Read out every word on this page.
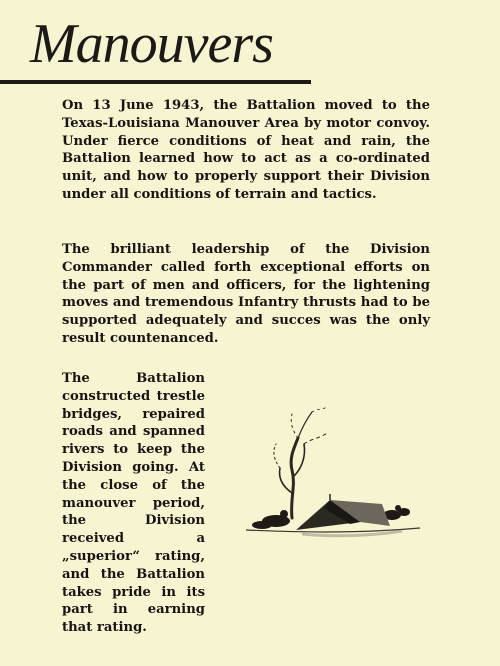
Manouvers

On 13 June 1943, the Battalion moved to the Texas-Louisiana Manouver Area by motor convoy. Under fierce conditions of heat and rain, the Battalion learned how to act as a co-ordinated unit, and how to properly support their Division under all conditions of terrain and tactics.

The brilliant leadership of the Division Commander called forth exceptional efforts on the part of men and officers, for the lightening moves and tremendous Infantry thrusts had to be supported adequately and succes was the only result countenanced.

The Battalion constructed trestle bridges, repaired roads and spanned rivers to keep the Division going. At the close of the manouver period, the Division received a „superior“ rating, and the Battalion takes pride in its part in earning that rating.
